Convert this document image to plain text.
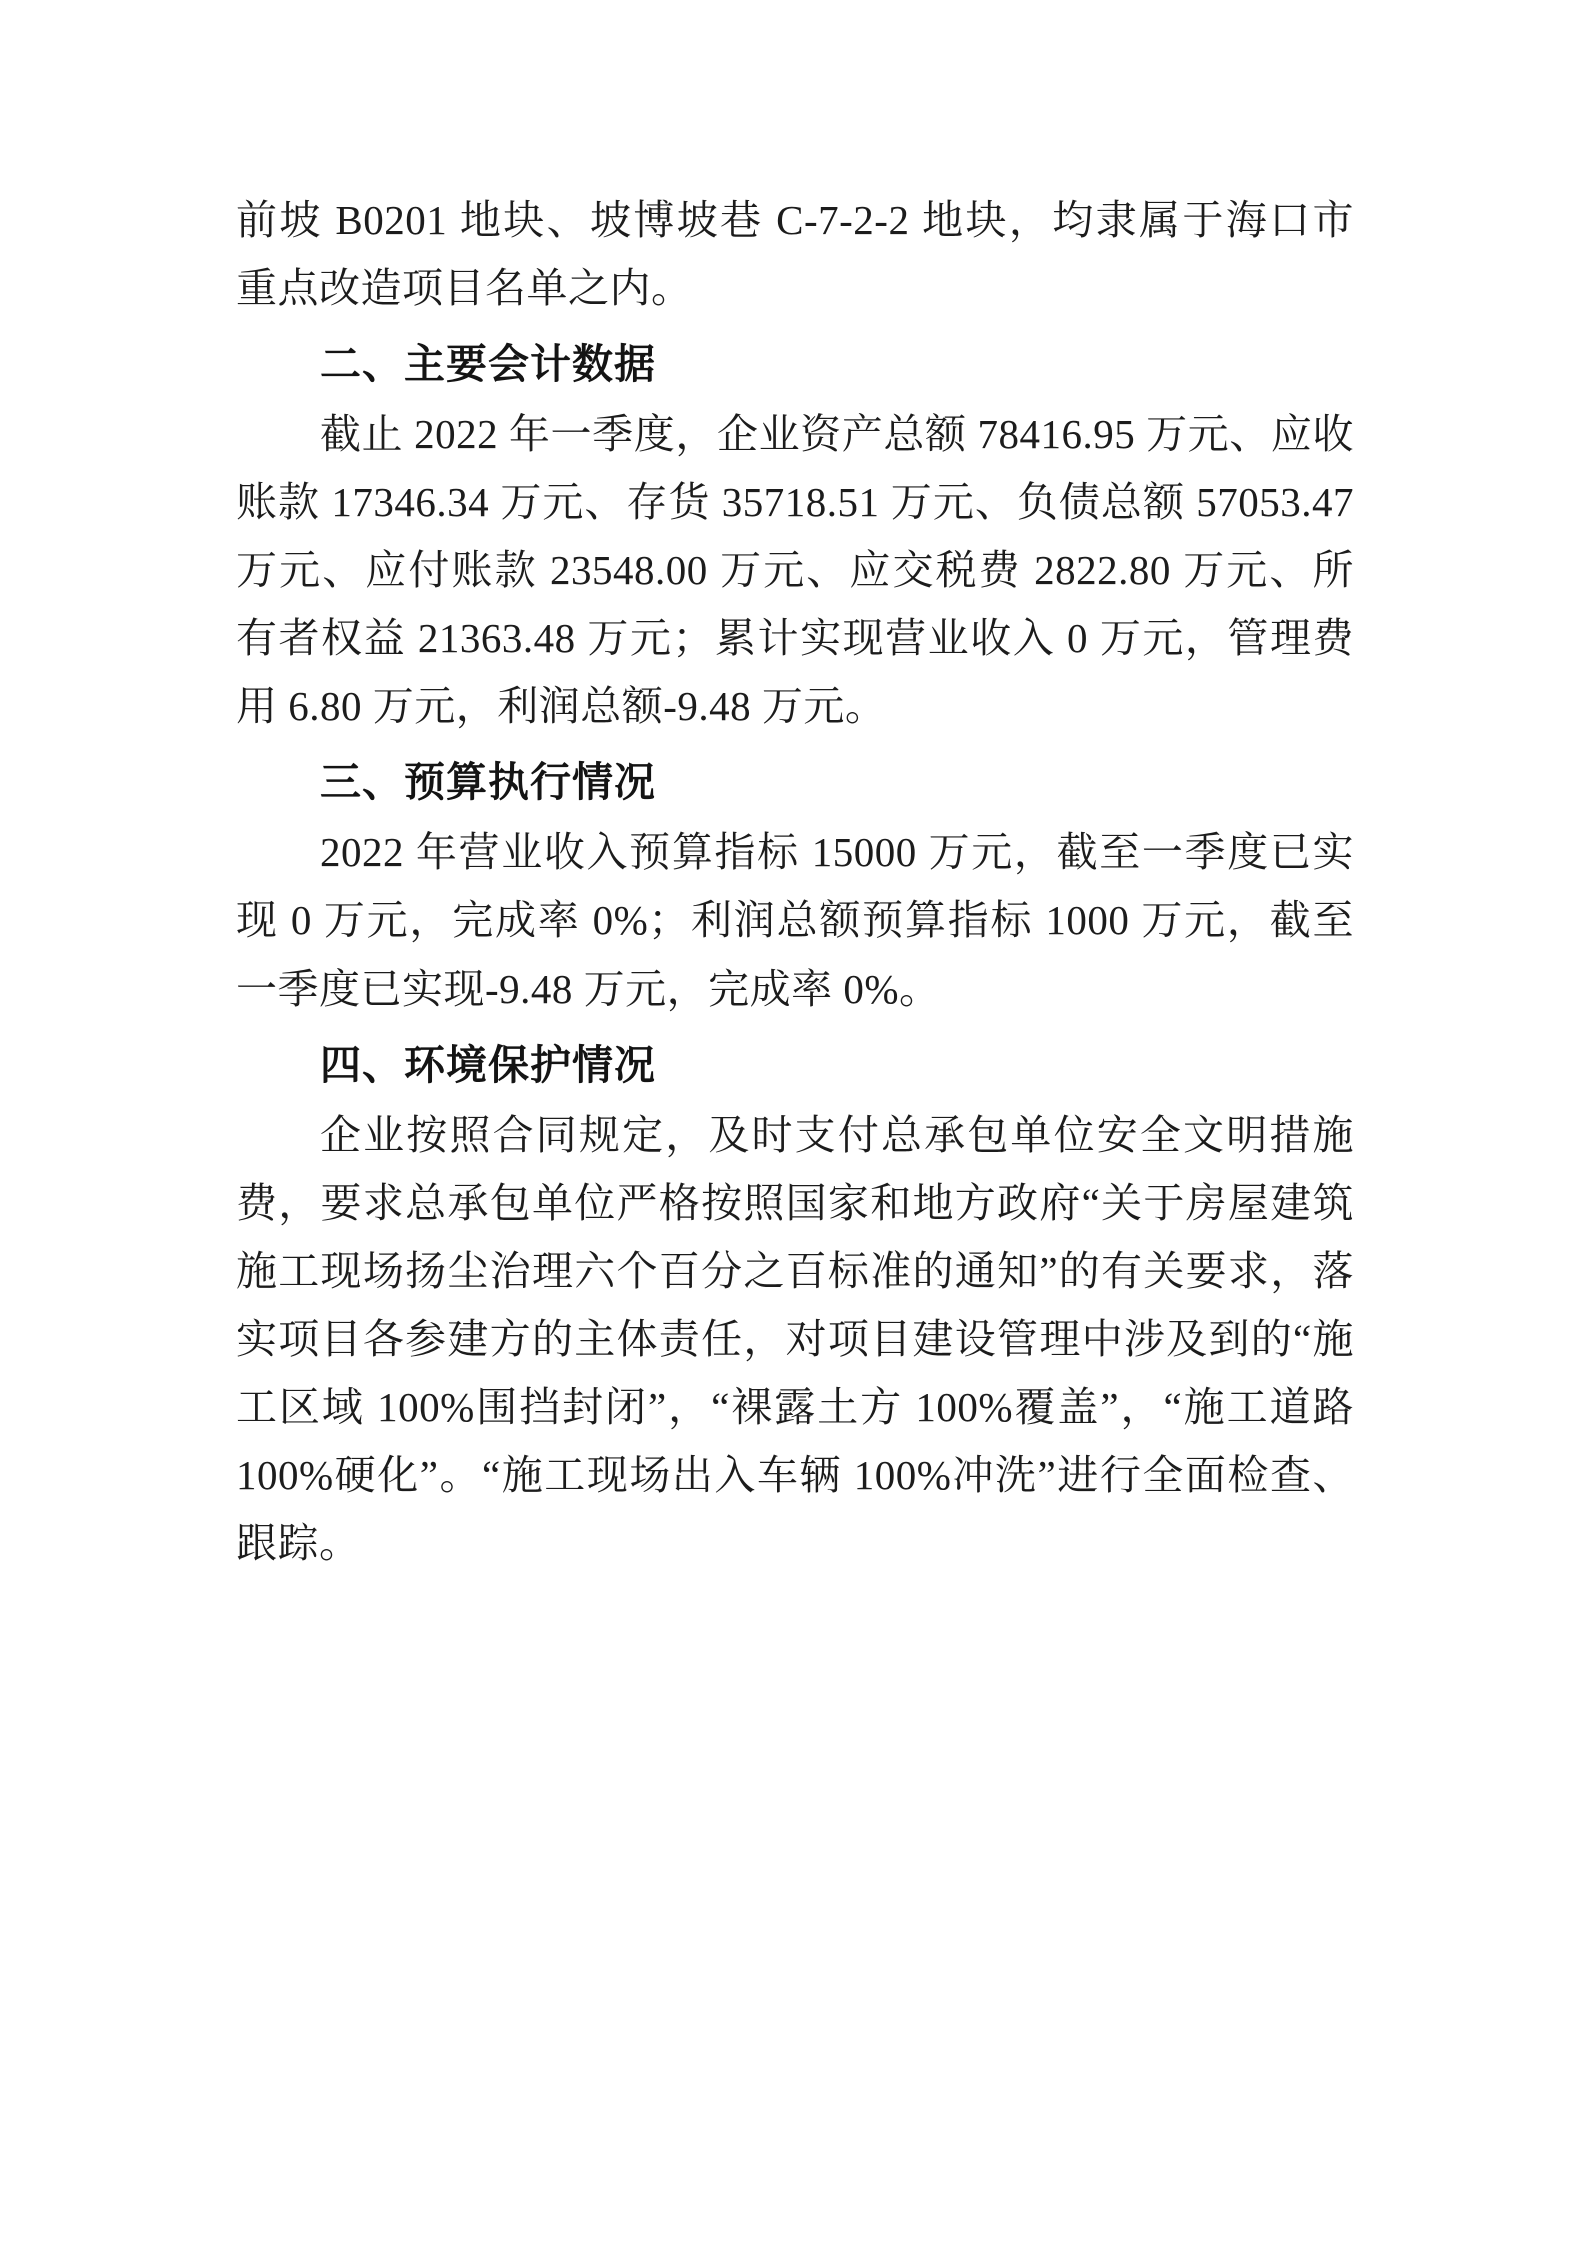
前坡 B0201 地块、坡博坡巷 C-7-2-2 地块，均隶属于海口市重点改造项目名单之内。

二、主要会计数据

截止 2022 年一季度，企业资产总额 78416.95 万元、应收账款 17346.34 万元、存货 35718.51 万元、负债总额 57053.47 万元、应付账款 23548.00 万元、应交税费 2822.80 万元、所有者权益 21363.48 万元；累计实现营业收入 0 万元，管理费用 6.80 万元，利润总额-9.48 万元。

三、预算执行情况

2022 年营业收入预算指标 15000 万元，截至一季度已实现 0 万元，完成率 0%；利润总额预算指标 1000 万元，截至一季度已实现-9.48 万元，完成率 0%。

四、环境保护情况

企业按照合同规定，及时支付总承包单位安全文明措施费，要求总承包单位严格按照国家和地方政府“关于房屋建筑施工现场扬尘治理六个百分之百标准的通知”的有关要求，落实项目各参建方的主体责任，对项目建设管理中涉及到的“施工区域 100%围挡封闭”，“裸露土方 100%覆盖”，“施工道路 100%硬化”。“施工现场出入车辆 100%冲洗”进行全面检查、跟踪。
